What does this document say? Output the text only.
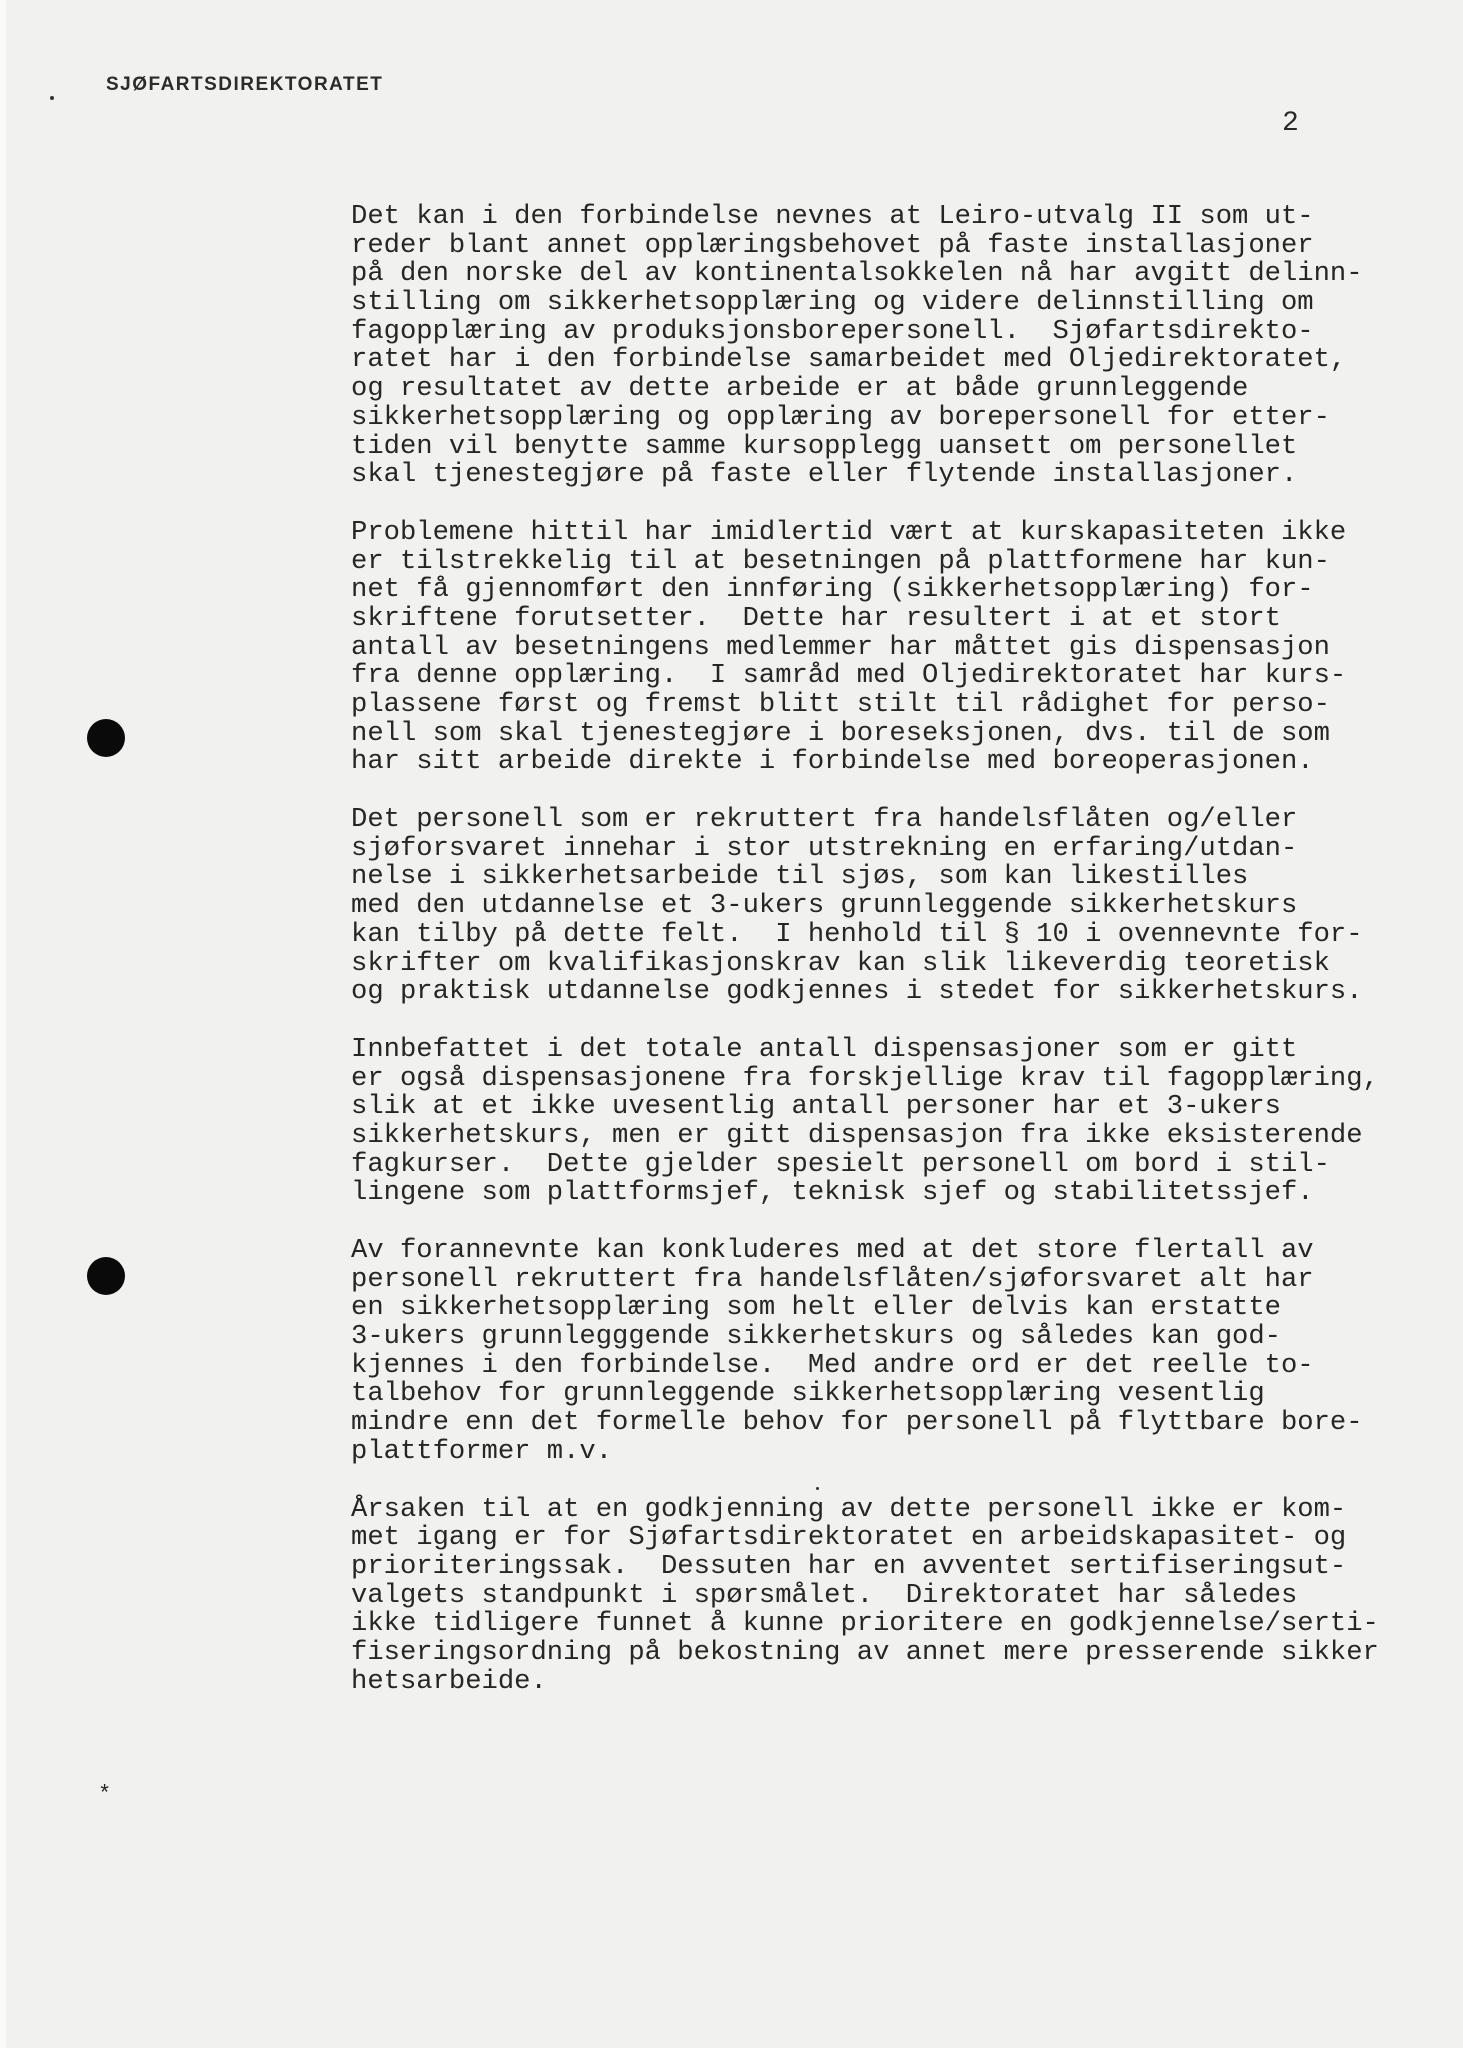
SJØFARTSDIREKTORATET
2
Det kan i den forbindelse nevnes at Leiro-utvalg II som ut-
reder blant annet opplæringsbehovet på faste installasjoner
på den norske del av kontinentalsokkelen nå har avgitt delinn-
stilling om sikkerhetsopplæring og videre delinnstilling om
fagopplæring av produksjonsborepersonell.  Sjøfartsdirekto-
ratet har i den forbindelse samarbeidet med Oljedirektoratet,
og resultatet av dette arbeide er at både grunnleggende
sikkerhetsopplæring og opplæring av borepersonell for etter-
tiden vil benytte samme kursopplegg uansett om personellet
skal tjenestegjøre på faste eller flytende installasjoner.
Problemene hittil har imidlertid vært at kurskapasiteten ikke
er tilstrekkelig til at besetningen på plattformene har kun-
net få gjennomført den innføring (sikkerhetsopplæring) for-
skriftene forutsetter.  Dette har resultert i at et stort
antall av besetningens medlemmer har måttet gis dispensasjon
fra denne opplæring.  I samråd med Oljedirektoratet har kurs-
plassene først og fremst blitt stilt til rådighet for perso-
nell som skal tjenestegjøre i boreseksjonen, dvs. til de som
har sitt arbeide direkte i forbindelse med boreoperasjonen.
Det personell som er rekruttert fra handelsflåten og/eller
sjøforsvaret innehar i stor utstrekning en erfaring/utdan-
nelse i sikkerhetsarbeide til sjøs, som kan likestilles
med den utdannelse et 3-ukers grunnleggende sikkerhetskurs
kan tilby på dette felt.  I henhold til § 10 i ovennevnte for-
skrifter om kvalifikasjonskrav kan slik likeverdig teoretisk
og praktisk utdannelse godkjennes i stedet for sikkerhetskurs.
Innbefattet i det totale antall dispensasjoner som er gitt
er også dispensasjonene fra forskjellige krav til fagopplæring,
slik at et ikke uvesentlig antall personer har et 3-ukers
sikkerhetskurs, men er gitt dispensasjon fra ikke eksisterende
fagkurser.  Dette gjelder spesielt personell om bord i stil-
lingene som plattformsjef, teknisk sjef og stabilitetssjef.
Av forannevnte kan konkluderes med at det store flertall av
personell rekruttert fra handelsflåten/sjøforsvaret alt har
en sikkerhetsopplæring som helt eller delvis kan erstatte
3-ukers grunnlegggende sikkerhetskurs og således kan god-
kjennes i den forbindelse.  Med andre ord er det reelle to-
talbehov for grunnleggende sikkerhetsopplæring vesentlig
mindre enn det formelle behov for personell på flyttbare bore-
plattformer m.v.
Årsaken til at en godkjenning av dette personell ikke er kom-
met igang er for Sjøfartsdirektoratet en arbeidskapasitet- og
prioriteringssak.  Dessuten har en avventet sertifiseringsut-
valgets standpunkt i spørsmålet.  Direktoratet har således
ikke tidligere funnet å kunne prioritere en godkjennelse/serti-
fiseringsordning på bekostning av annet mere presserende sikker
hetsarbeide.
*
